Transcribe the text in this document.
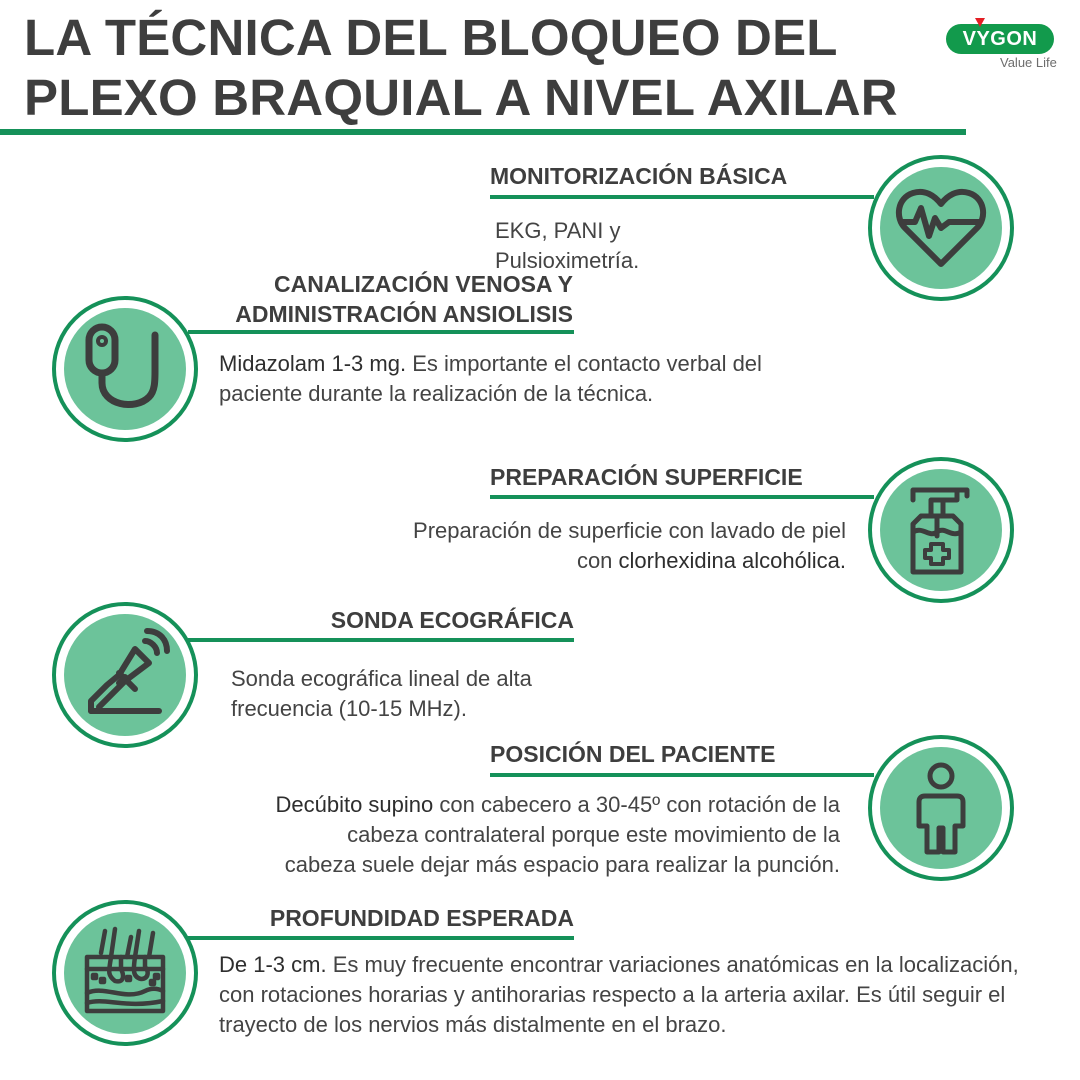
LA TÉCNICA DEL BLOQUEO DEL
PLEXO BRAQUIAL A NIVEL AXILAR
VYGON
Value Life
MONITORIZACIÓN BÁSICA
EKG, PANI y Pulsioximetría.
CANALIZACIÓN VENOSA Y
ADMINISTRACIÓN ANSIOLISIS
Midazolam 1-3 mg. Es importante el contacto verbal del paciente durante la realización de la técnica.
PREPARACIÓN SUPERFICIE
Preparación de superficie con lavado de piel
con clorhexidina alcohólica.
SONDA ECOGRÁFICA
Sonda ecográfica lineal de alta
frecuencia (10-15 MHz).
POSICIÓN DEL PACIENTE
Decúbito supino con cabecero a 30-45º con rotación de la
cabeza contralateral porque este movimiento de la
cabeza suele dejar más espacio para realizar la punción.
PROFUNDIDAD ESPERADA
De 1-3 cm. Es muy frecuente encontrar variaciones anatómicas en la localización, con rotaciones horarias y antihorarias respecto a la arteria axilar. Es útil seguir el trayecto de los nervios más distalmente en el brazo.
